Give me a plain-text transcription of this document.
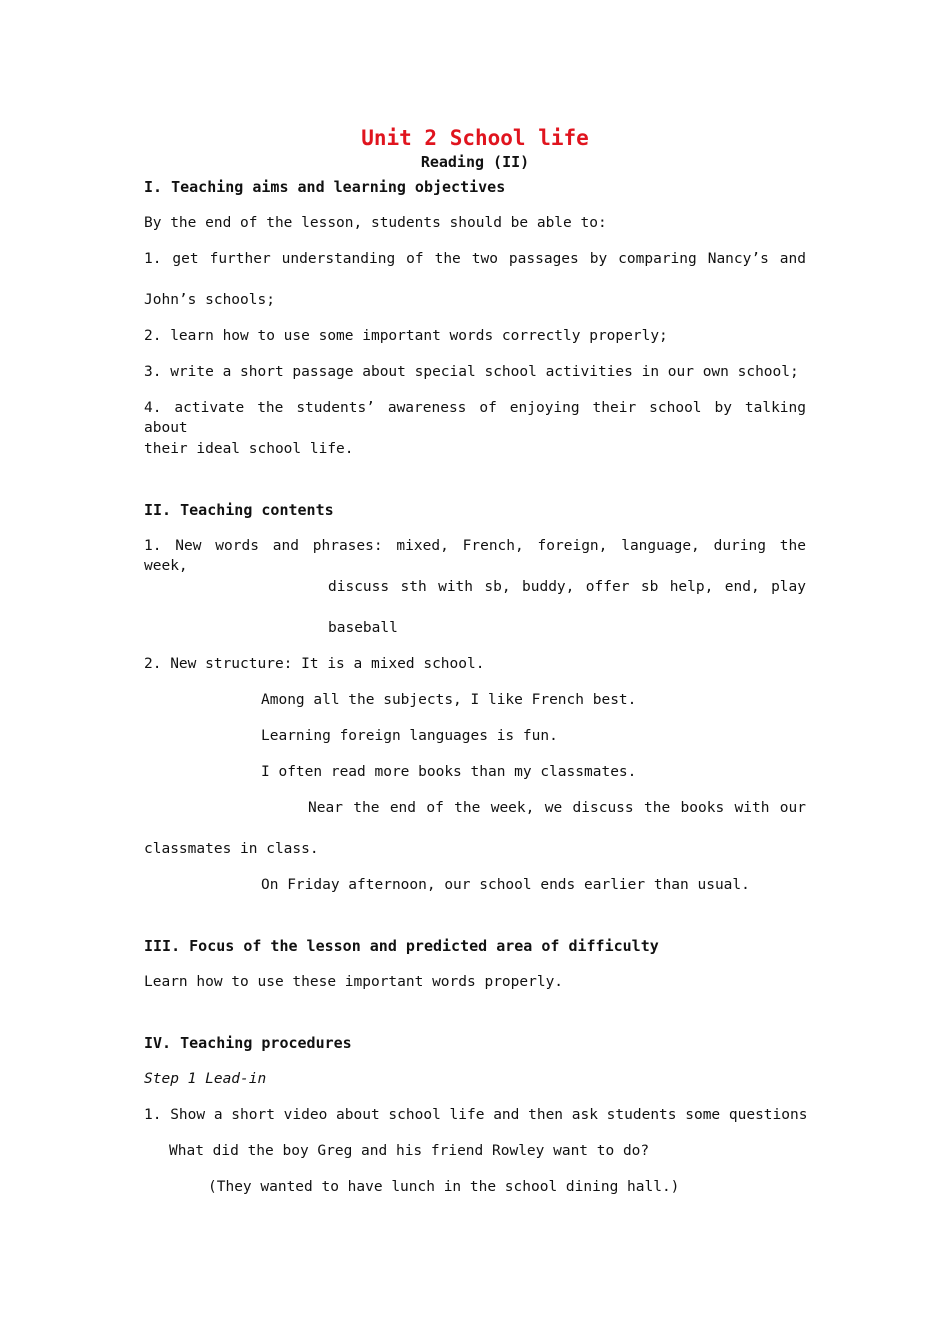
Unit 2 School life
Reading (II)
I. Teaching aims and learning objectives
By the end of the lesson, students should be able to:
1. get further understanding of the two passages by comparing Nancy’s and
John’s schools;
2. learn how to use some important words correctly properly;
3. write a short passage about special school activities in our own school;
4. activate the students’ awareness of enjoying their school by talking about
their ideal school life.
II. Teaching contents
1. New words and phrases: mixed, French, foreign, language, during the week,
discuss sth with sb, buddy, offer sb help, end, play
baseball
2. New structure: It is a mixed school.
Among all the subjects, I like French best.
Learning foreign languages is fun.
I often read more books than my classmates.
Near the end of the week, we discuss the books with our
classmates in class.
On Friday afternoon, our school ends earlier than usual.
III. Focus of the lesson and predicted area of difficulty
Learn how to use these important words properly.
IV. Teaching procedures
Step 1 Lead-in
1. Show a short video about school life and then ask students some questions
What did the boy Greg and his friend Rowley want to do?
(They wanted to have lunch in the school dining hall.)
